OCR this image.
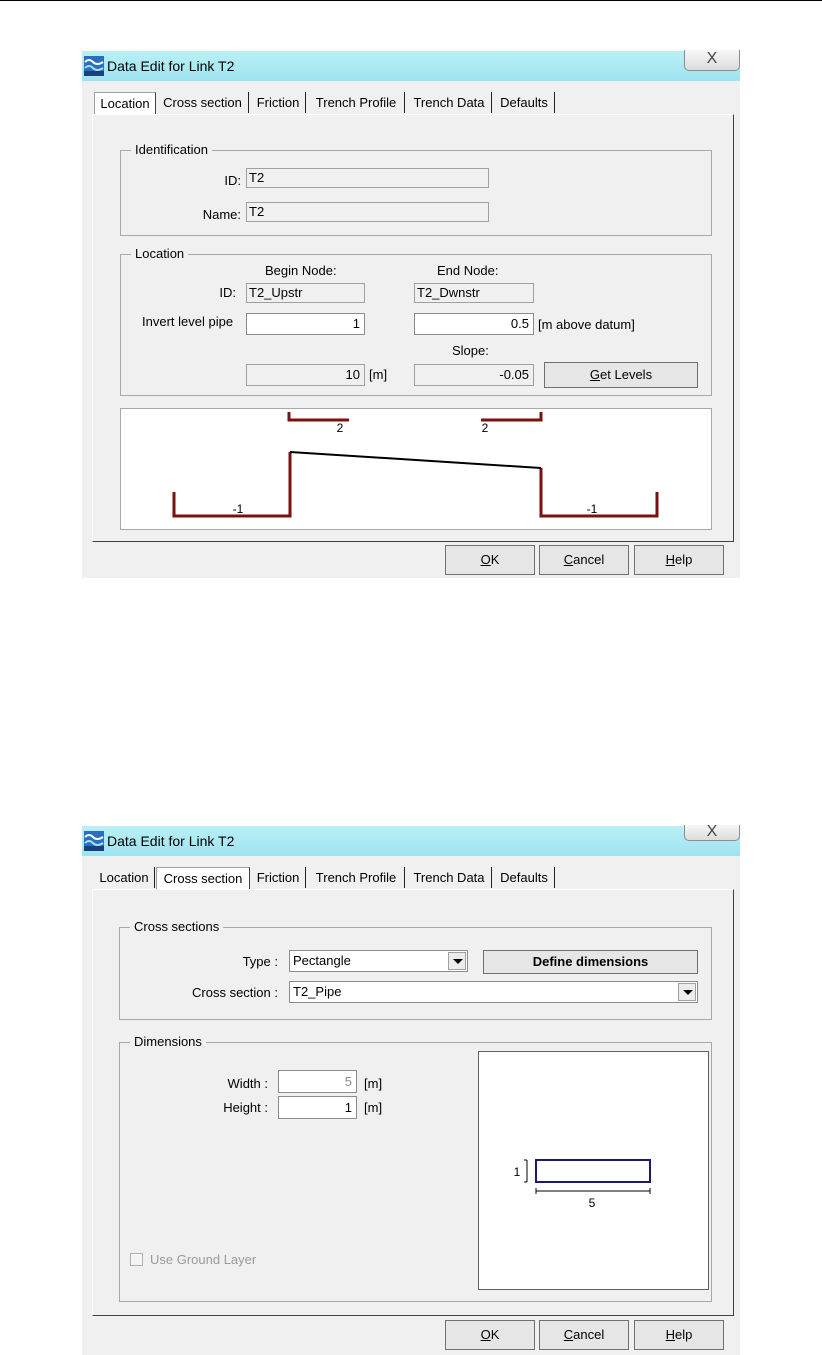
Data Edit for Link T2	X
Location	Cross section	Friction	Trench Profile	Trench Data	Defaults
Identification
ID: T2
Name: T2
Location
Begin Node:	End Node:
ID: T2_Upstr	T2_Dwnstr
Invert level pipe	1	0.5 [m above datum]
Slope:
10 [m]	-0.05	Get Levels
2	2
-1	-1
OK	Cancel	Help
Data Edit for Link T2
X
Location	Cross section	Friction	Trench Profile	Trench Data	Defaults
Cross sections
Type : Pectangle	Define dimensions
Cross section : T2_Pipe
Dimensions
Width :	5 [m]
Height :	1 [m]
Use Ground Layer
1
5
OK	Cancel	Help
